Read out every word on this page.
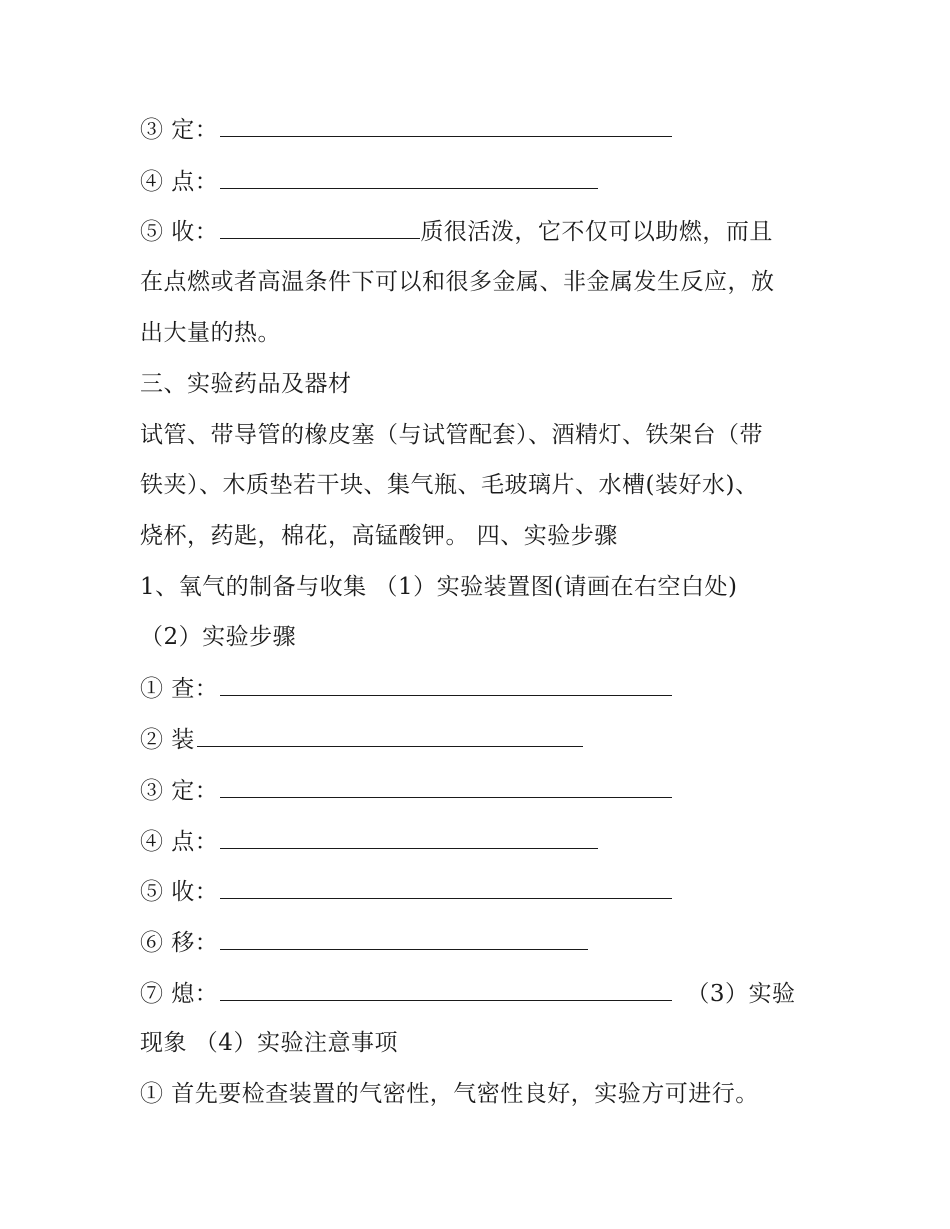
③ 定：
④ 点：
⑤ 收：	质很活泼，它不仅可以助燃，而且
在点燃或者高温条件下可以和很多金属、非金属发生反应，放
出大量的热。
三、实验药品及器材
试管、带导管的橡皮塞（与试管配套）、酒精灯、铁架台（带
铁夹）、木质垫若干块、集气瓶、毛玻璃片、水槽(装好水)、
烧杯，药匙，棉花，高锰酸钾。 四、实验步骤
1、氧气的制备与收集 （1）实验装置图(请画在右空白处)
（2）实验步骤
① 查：
② 装
③ 定：
④ 点：
⑤ 收：
⑥ 移：
⑦ 熄：	（3）实验
现象 （4）实验注意事项
① 首先要检查装置的气密性，气密性良好，实验方可进行。
